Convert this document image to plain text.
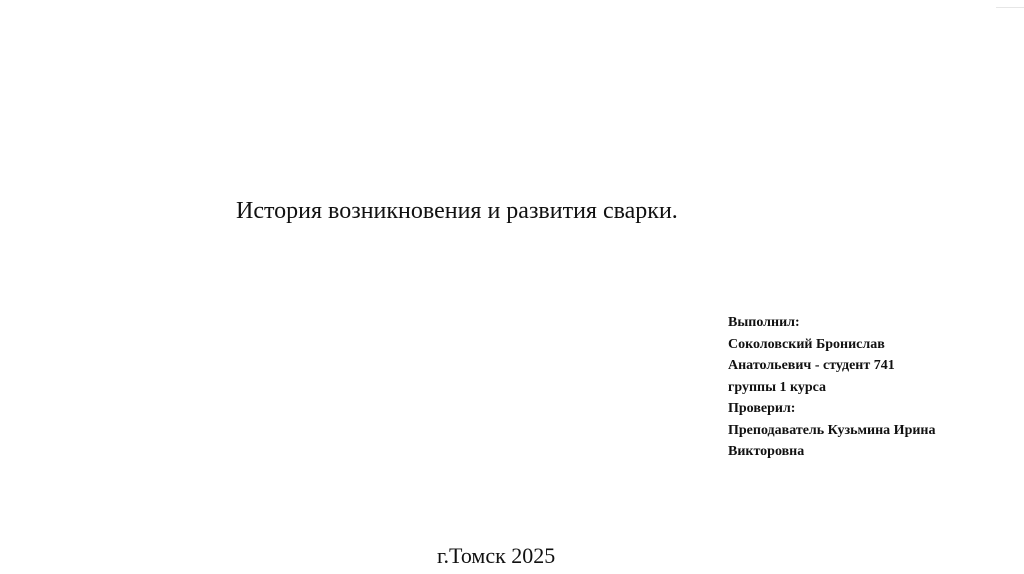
История возникновения и развития сварки.
Выполнил:
Соколовский Бронислав
Анатольевич - студент 741
группы 1 курса
Проверил:
Преподаватель Кузьмина Ирина
Викторовна
г.Томск 2025
